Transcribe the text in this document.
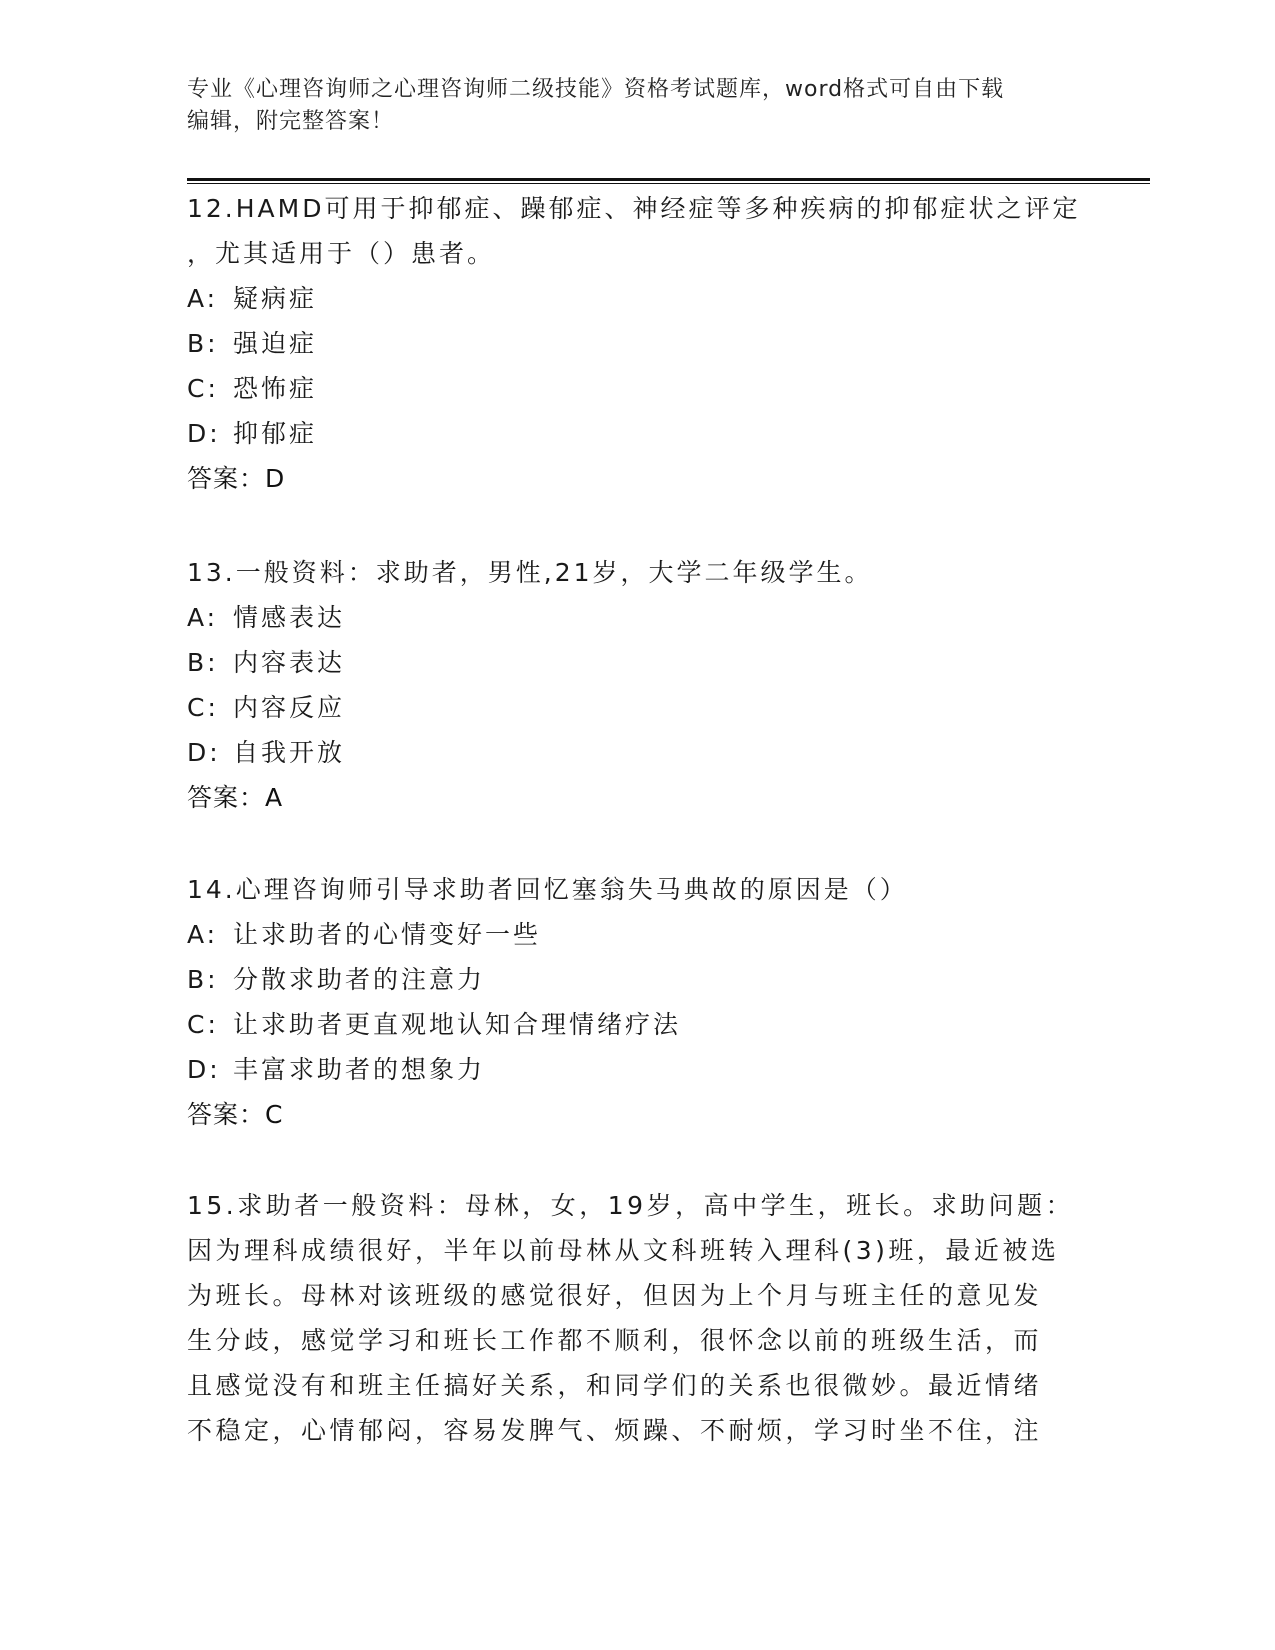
专业《心理咨询师之心理咨询师二级技能》资格考试题库，word格式可自由下载
编辑，附完整答案！
12.HAMD可用于抑郁症、躁郁症、神经症等多种疾病的抑郁症状之评定
，尤其适用于（）患者。
A: 疑病症
B: 强迫症
C: 恐怖症
D: 抑郁症
答案：D
13.一般资料：求助者，男性,21岁，大学二年级学生。
A: 情感表达
B: 内容表达
C: 内容反应
D: 自我开放
答案：A
14.心理咨询师引导求助者回忆塞翁失马典故的原因是（）
A: 让求助者的心情变好一些
B: 分散求助者的注意力
C: 让求助者更直观地认知合理情绪疗法
D: 丰富求助者的想象力
答案：C
15.求助者一般资料：母林，女，19岁，高中学生，班长。求助问题：
因为理科成绩很好，半年以前母林从文科班转入理科(3)班，最近被选
为班长。母林对该班级的感觉很好，但因为上个月与班主任的意见发
生分歧，感觉学习和班长工作都不顺利，很怀念以前的班级生活，而
且感觉没有和班主任搞好关系，和同学们的关系也很微妙。最近情绪
不稳定，心情郁闷，容易发脾气、烦躁、不耐烦，学习时坐不住，注
